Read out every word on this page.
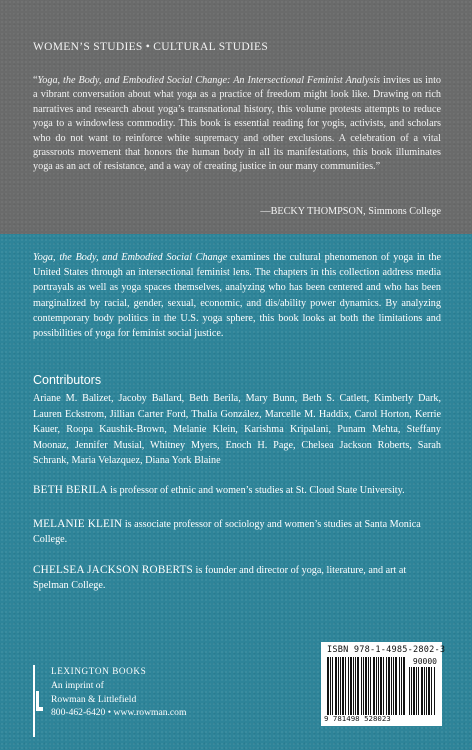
WOMEN’S STUDIES • CULTURAL STUDIES
“Yoga, the Body, and Embodied Social Change: An Intersectional Feminist Analysis invites us into a vibrant conversation about what yoga as a practice of freedom might look like. Drawing on rich narratives and research about yoga’s transnational history, this volume protests attempts to reduce yoga to a windowless commodity. This book is essential reading for yogis, activists, and scholars who do not want to reinforce white supremacy and other exclusions. A celebration of a vital grassroots movement that honors the human body in all its manifestations, this book illuminates yoga as an act of resistance, and a way of creating justice in our many communities.”
—BECKY THOMPSON, Simmons College
Yoga, the Body, and Embodied Social Change examines the cultural phenomenon of yoga in the United States through an intersectional feminist lens. The chapters in this collection address media portrayals as well as yoga spaces themselves, analyzing who has been centered and who has been marginalized by racial, gender, sexual, economic, and dis/ability power dynamics. By analyzing contemporary body politics in the U.S. yoga sphere, this book looks at both the limitations and possibilities of yoga for feminist social justice.
Contributors
Ariane M. Balizet, Jacoby Ballard, Beth Berila, Mary Bunn, Beth S. Catlett, Kimberly Dark, Lauren Eckstrom, Jillian Carter Ford, Thalia González, Marcelle M. Haddix, Carol Horton, Kerrie Kauer, Roopa Kaushik-Brown, Melanie Klein, Karishma Kripalani, Punam Mehta, Steffany Moonaz, Jennifer Musial, Whitney Myers, Enoch H. Page, Chelsea Jackson Roberts, Sarah Schrank, Maria Velazquez, Diana York Blaine
BETH BERILA is professor of ethnic and women’s studies at St. Cloud State University.
MELANIE KLEIN is associate professor of sociology and women’s studies at Santa Monica College.
CHELSEA JACKSON ROBERTS is founder and director of yoga, literature, and art at Spelman College.
LEXINGTON BOOKS
An imprint of
Rowman & Littlefield
800-462-6420 • www.rowman.com
ISBN 978-1-4985-2802-3
90000
9 781498 528023
